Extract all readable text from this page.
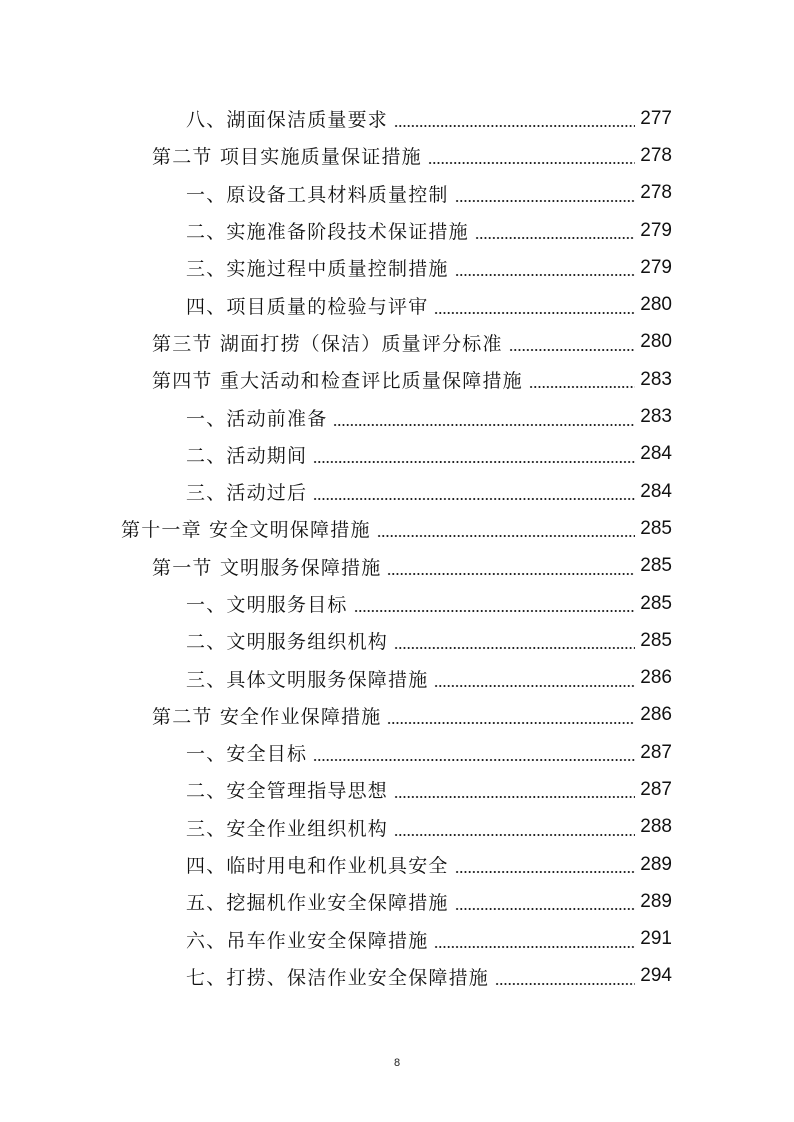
八、湖面保洁质量要求	277
第二节 项目实施质量保证措施	278
一、原设备工具材料质量控制	278
二、实施准备阶段技术保证措施	279
三、实施过程中质量控制措施	279
四、项目质量的检验与评审	280
第三节 湖面打捞（保洁）质量评分标准	280
第四节 重大活动和检查评比质量保障措施	283
一、活动前准备	283
二、活动期间	284
三、活动过后	284
第十一章 安全文明保障措施	285
第一节 文明服务保障措施	285
一、文明服务目标	285
二、文明服务组织机构	285
三、具体文明服务保障措施	286
第二节 安全作业保障措施	286
一、安全目标	287
二、安全管理指导思想	287
三、安全作业组织机构	288
四、临时用电和作业机具安全	289
五、挖掘机作业安全保障措施	289
六、吊车作业安全保障措施	291
七、打捞、保洁作业安全保障措施	294
8
